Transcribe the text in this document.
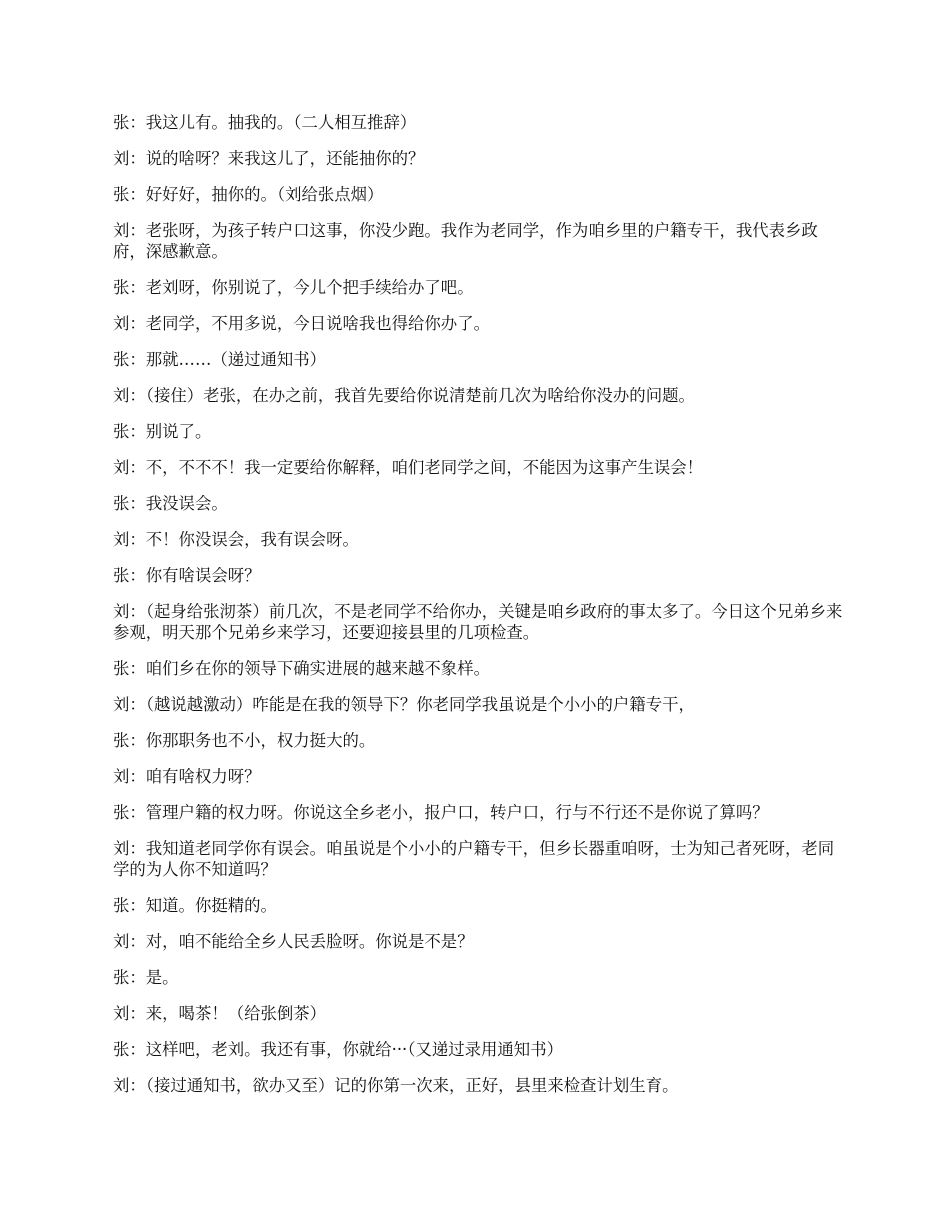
张：我这儿有。抽我的。（二人相互推辞）

刘：说的啥呀？来我这儿了，还能抽你的？

张：好好好，抽你的。（刘给张点烟）

刘：老张呀，为孩子转户口这事，你没少跑。我作为老同学，作为咱乡里的户籍专干，我代表乡政府，深感歉意。

张：老刘呀，你别说了，今儿个把手续给办了吧。

刘：老同学，不用多说，今日说啥我也得给你办了。

张：那就……（递过通知书）

刘：（接住）老张，在办之前，我首先要给你说清楚前几次为啥给你没办的问题。

张：别说了。

刘：不，不不不！我一定要给你解释，咱们老同学之间，不能因为这事产生误会！

张：我没误会。

刘：不！你没误会，我有误会呀。

张：你有啥误会呀？

刘：（起身给张沏茶）前几次，不是老同学不给你办，关键是咱乡政府的事太多了。今日这个兄弟乡来参观，明天那个兄弟乡来学习，还要迎接县里的几项检查。

张：咱们乡在你的领导下确实进展的越来越不象样。

刘：（越说越激动）咋能是在我的领导下？你老同学我虽说是个小小的户籍专干，

张：你那职务也不小，权力挺大的。

刘：咱有啥权力呀？

张：管理户籍的权力呀。你说这全乡老小，报户口，转户口，行与不行还不是你说了算吗？

刘：我知道老同学你有误会。咱虽说是个小小的户籍专干，但乡长器重咱呀，士为知己者死呀，老同学的为人你不知道吗？

张：知道。你挺精的。

刘：对，咱不能给全乡人民丢脸呀。你说是不是？

张：是。

刘：来，喝茶！（给张倒茶）

张：这样吧，老刘。我还有事，你就给···（又递过录用通知书）

刘：（接过通知书，欲办又至）记的你第一次来，正好，县里来检查计划生育。
